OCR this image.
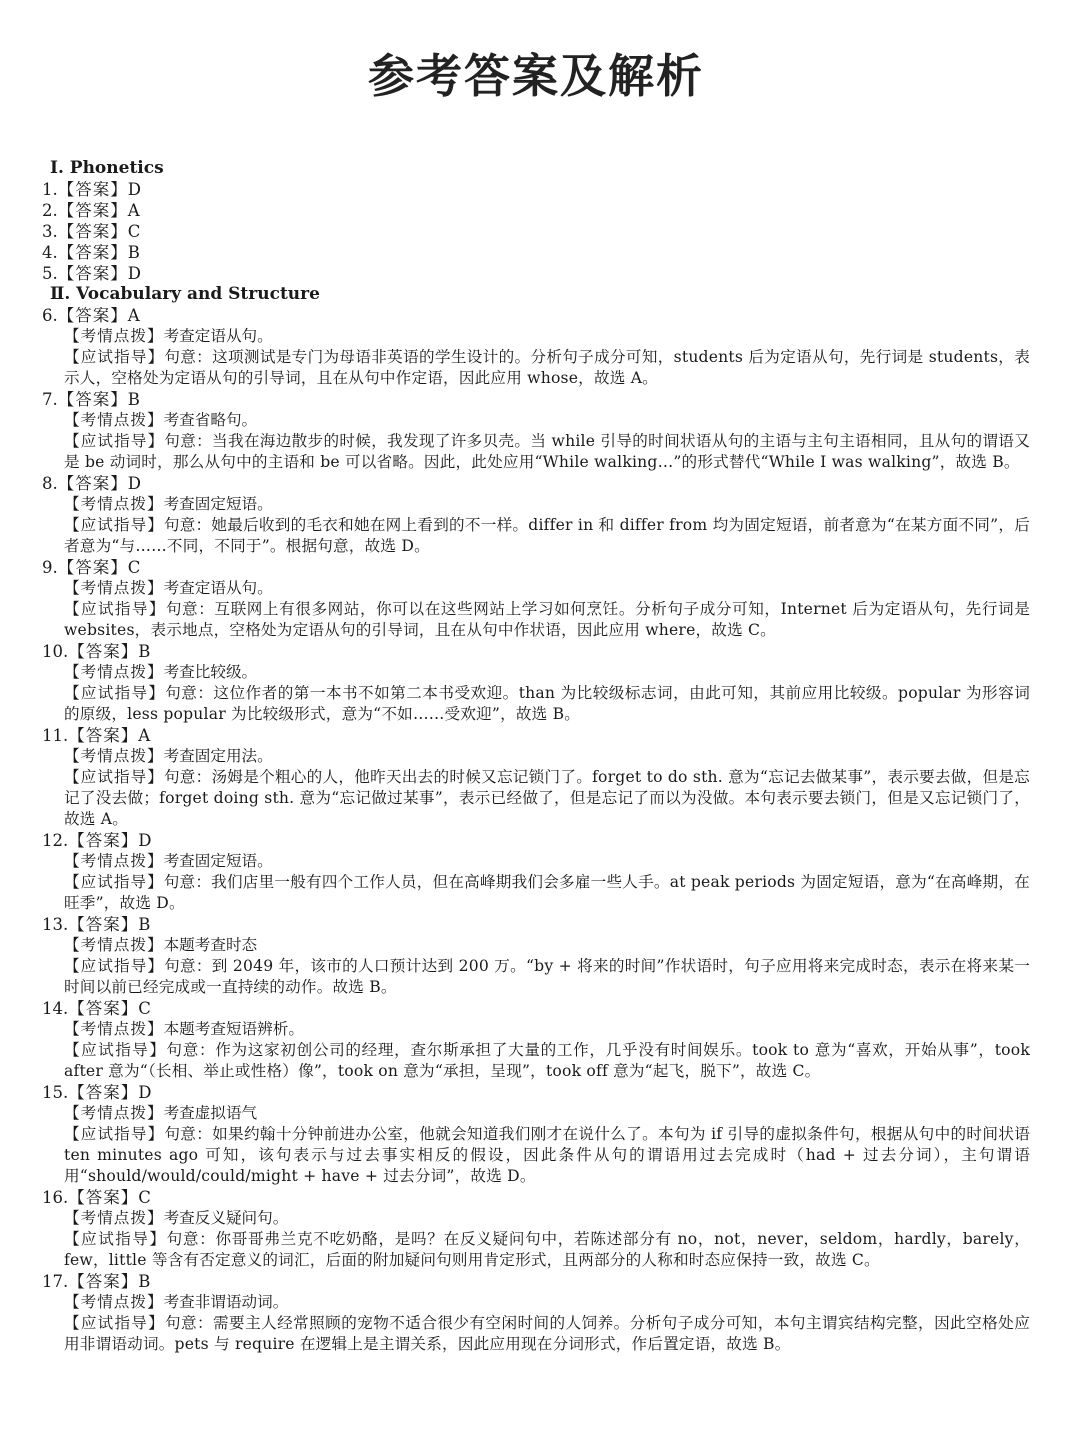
参考答案及解析
Ⅰ. Phonetics
1.【答案】D
2.【答案】A
3.【答案】C
4.【答案】B
5.【答案】D
Ⅱ. Vocabulary and Structure
6.【答案】A
【考情点拨】考查定语从句。
【应试指导】句意：这项测试是专门为母语非英语的学生设计的。分析句子成分可知，students 后为定语从句，先行词是 students，表示人，空格处为定语从句的引导词，且在从句中作定语，因此应用 whose，故选 A。
7.【答案】B
【考情点拨】考查省略句。
【应试指导】句意：当我在海边散步的时候，我发现了许多贝壳。当 while 引导的时间状语从句的主语与主句主语相同，且从句的谓语又是 be 动词时，那么从句中的主语和 be 可以省略。因此，此处应用“While walking…”的形式替代“While I was walking”，故选 B。
8.【答案】D
【考情点拨】考查固定短语。
【应试指导】句意：她最后收到的毛衣和她在网上看到的不一样。differ in 和 differ from 均为固定短语，前者意为“在某方面不同”，后者意为“与……不同，不同于”。根据句意，故选 D。
9.【答案】C
【考情点拨】考查定语从句。
【应试指导】句意：互联网上有很多网站，你可以在这些网站上学习如何烹饪。分析句子成分可知，Internet 后为定语从句，先行词是 websites，表示地点，空格处为定语从句的引导词，且在从句中作状语，因此应用 where，故选 C。
10.【答案】B
【考情点拨】考查比较级。
【应试指导】句意：这位作者的第一本书不如第二本书受欢迎。than 为比较级标志词，由此可知，其前应用比较级。popular 为形容词的原级，less popular 为比较级形式，意为“不如……受欢迎”，故选 B。
11.【答案】A
【考情点拨】考查固定用法。
【应试指导】句意：汤姆是个粗心的人，他昨天出去的时候又忘记锁门了。forget to do sth. 意为“忘记去做某事”，表示要去做，但是忘记了没去做；forget doing sth. 意为“忘记做过某事”，表示已经做了，但是忘记了而以为没做。本句表示要去锁门，但是又忘记锁门了，故选 A。
12.【答案】D
【考情点拨】考查固定短语。
【应试指导】句意：我们店里一般有四个工作人员，但在高峰期我们会多雇一些人手。at peak periods 为固定短语，意为“在高峰期，在旺季”，故选 D。
13.【答案】B
【考情点拨】本题考查时态
【应试指导】句意：到 2049 年，该市的人口预计达到 200 万。“by + 将来的时间”作状语时，句子应用将来完成时态，表示在将来某一时间以前已经完成或一直持续的动作。故选 B。
14.【答案】C
【考情点拨】本题考查短语辨析。
【应试指导】句意：作为这家初创公司的经理，查尔斯承担了大量的工作，几乎没有时间娱乐。took to 意为“喜欢，开始从事”，took after 意为“（长相、举止或性格）像”，took on 意为“承担，呈现”，took off 意为“起飞，脱下”，故选 C。
15.【答案】D
【考情点拨】考查虚拟语气
【应试指导】句意：如果约翰十分钟前进办公室，他就会知道我们刚才在说什么了。本句为 if 引导的虚拟条件句，根据从句中的时间状语 ten minutes ago 可知，该句表示与过去事实相反的假设，因此条件从句的谓语用过去完成时（had + 过去分词），主句谓语用“should/would/could/might + have + 过去分词”，故选 D。
16.【答案】C
【考情点拨】考查反义疑问句。
【应试指导】句意：你哥哥弗兰克不吃奶酪，是吗？在反义疑问句中，若陈述部分有 no，not，never，seldom，hardly，barely，few，little 等含有否定意义的词汇，后面的附加疑问句则用肯定形式，且两部分的人称和时态应保持一致，故选 C。
17.【答案】B
【考情点拨】考查非谓语动词。
【应试指导】句意：需要主人经常照顾的宠物不适合很少有空闲时间的人饲养。分析句子成分可知，本句主谓宾结构完整，因此空格处应用非谓语动词。pets 与 require 在逻辑上是主谓关系，因此应用现在分词形式，作后置定语，故选 B。
